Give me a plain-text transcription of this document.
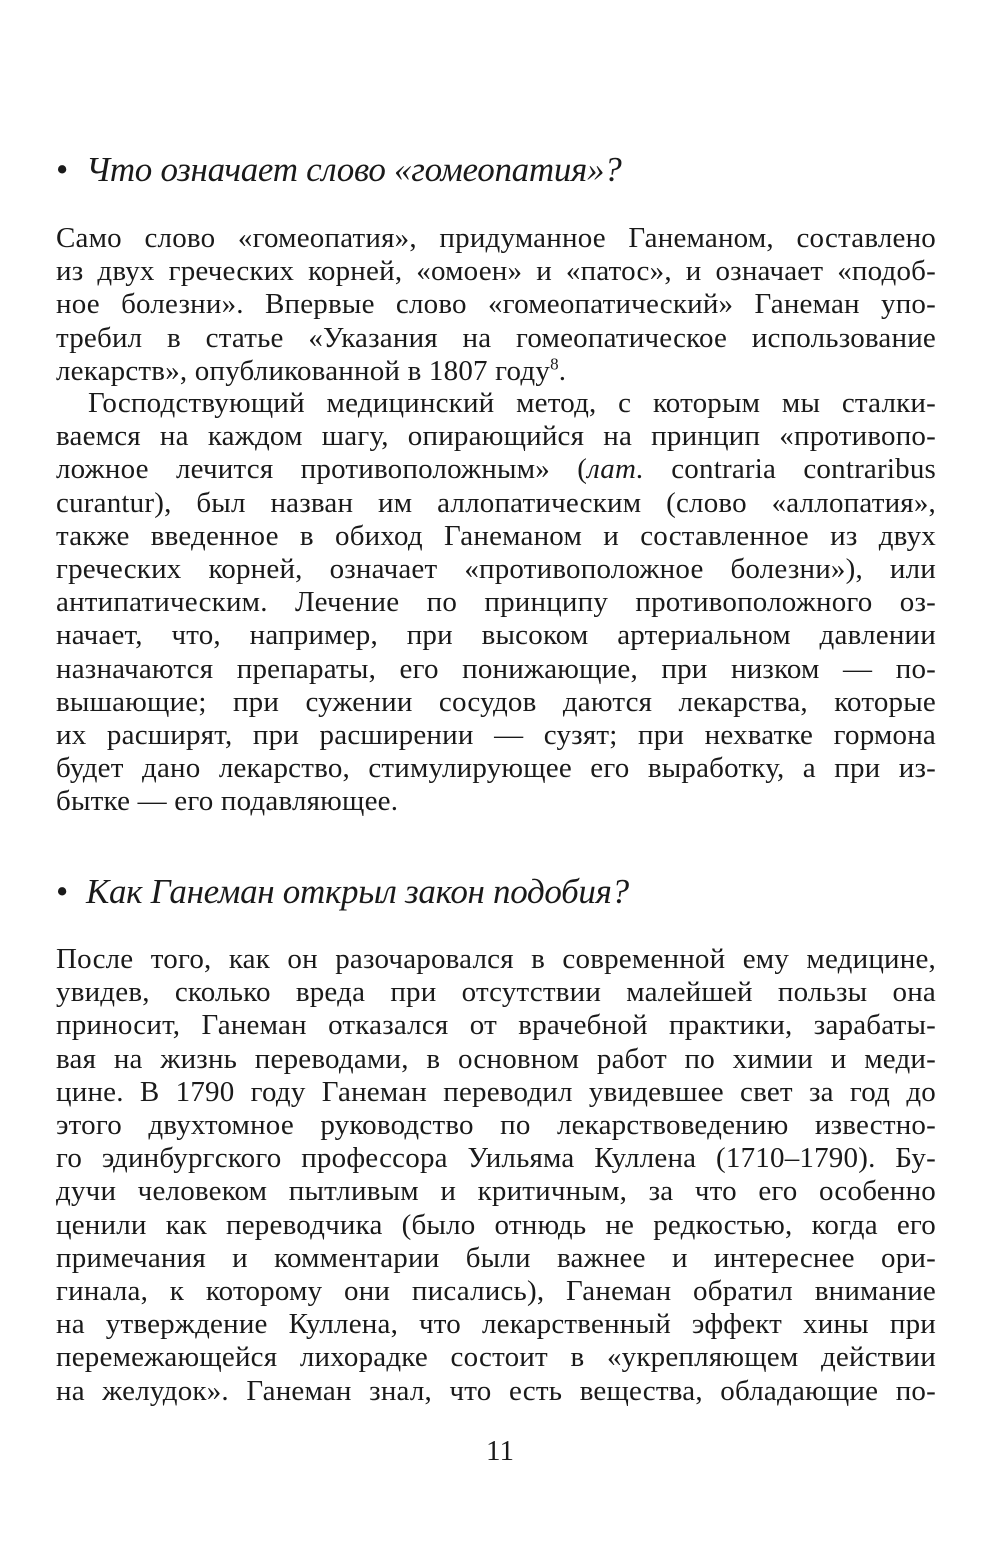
• Что означает слово «гомеопатия»?
Само слово «гомеопатия», придуманное Ганеманом, составлено
из двух греческих корней, «омоен» и «патос», и означает «подоб-
ное болезни». Впервые слово «гомеопатический» Ганеман упо-
требил в статье «Указания на гомеопатическое использование
лекарств», опубликованной в 1807 году$^8$.
Господствующий медицинский метод, с которым мы сталки-
ваемся на каждом шагу, опирающийся на принцип «противопо-
ложное лечится противоположным» (лат. contraria contraribus
curantur), был назван им аллопатическим (слово «аллопатия»,
также введенное в обиход Ганеманом и составленное из двух
греческих корней, означает «противоположное болезни»), или
антипатическим. Лечение по принципу противоположного оз-
начает, что, например, при высоком артериальном давлении
назначаются препараты, его понижающие, при низком — по-
вышающие; при сужении сосудов даются лекарства, которые
их расширят, при расширении — сузят; при нехватке гормона
будет дано лекарство, стимулирующее его выработку, а при из-
бытке — его подавляющее.
• Как Ганеман открыл закон подобия?
После того, как он разочаровался в современной ему медицине,
увидев, сколько вреда при отсутствии малейшей пользы она
приносит, Ганеман отказался от врачебной практики, зарабаты-
вая на жизнь переводами, в основном работ по химии и меди-
цине. В 1790 году Ганеман переводил увидевшее свет за год до
этого двухтомное руководство по лекарствоведению известно-
го эдинбургского профессора Уильяма Куллена (1710–1790). Бу-
дучи человеком пытливым и критичным, за что его особенно
ценили как переводчика (было отнюдь не редкостью, когда его
примечания и комментарии были важнее и интереснее ори-
гинала, к которому они писались), Ганеман обратил внимание
на утверждение Куллена, что лекарственный эффект хины при
перемежающейся лихорадке состоит в «укрепляющем действии
на желудок». Ганеман знал, что есть вещества, обладающие по-
11
